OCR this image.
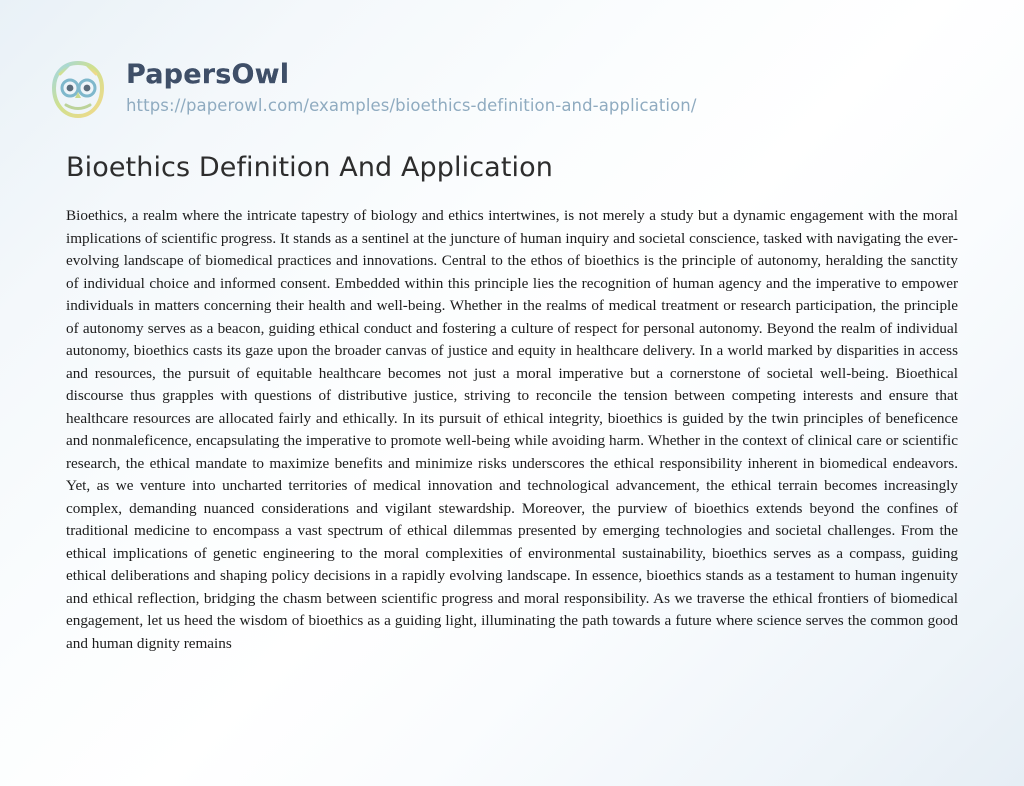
PapersOwl
https://paperowl.com/examples/bioethics-definition-and-application/
Bioethics Definition And Application

Bioethics, a realm where the intricate tapestry of biology and ethics intertwines, is not merely a study but a dynamic engagement with the moral implications of scientific progress. It stands as a sentinel at the juncture of human inquiry and societal conscience, tasked with navigating the ever-evolving landscape of biomedical practices and innovations. Central to the ethos of bioethics is the principle of autonomy, heralding the sanctity of individual choice and informed consent. Embedded within this principle lies the recognition of human agency and the imperative to empower individuals in matters concerning their health and well-being. Whether in the realms of medical treatment or research participation, the principle of autonomy serves as a beacon, guiding ethical conduct and fostering a culture of respect for personal autonomy. Beyond the realm of individual autonomy, bioethics casts its gaze upon the broader canvas of justice and equity in healthcare delivery. In a world marked by disparities in access and resources, the pursuit of equitable healthcare becomes not just a moral imperative but a cornerstone of societal well-being. Bioethical discourse thus grapples with questions of distributive justice, striving to reconcile the tension between competing interests and ensure that healthcare resources are allocated fairly and ethically. In its pursuit of ethical integrity, bioethics is guided by the twin principles of beneficence and nonmaleficence, encapsulating the imperative to promote well-being while avoiding harm. Whether in the context of clinical care or scientific research, the ethical mandate to maximize benefits and minimize risks underscores the ethical responsibility inherent in biomedical endeavors. Yet, as we venture into uncharted territories of medical innovation and technological advancement, the ethical terrain becomes increasingly complex, demanding nuanced considerations and vigilant stewardship. Moreover, the purview of bioethics extends beyond the confines of traditional medicine to encompass a vast spectrum of ethical dilemmas presented by emerging technologies and societal challenges. From the ethical implications of genetic engineering to the moral complexities of environmental sustainability, bioethics serves as a compass, guiding ethical deliberations and shaping policy decisions in a rapidly evolving landscape. In essence, bioethics stands as a testament to human ingenuity and ethical reflection, bridging the chasm between scientific progress and moral responsibility. As we traverse the ethical frontiers of biomedical engagement, let us heed the wisdom of bioethics as a guiding light, illuminating the path towards a future where science serves the common good and human dignity remains
